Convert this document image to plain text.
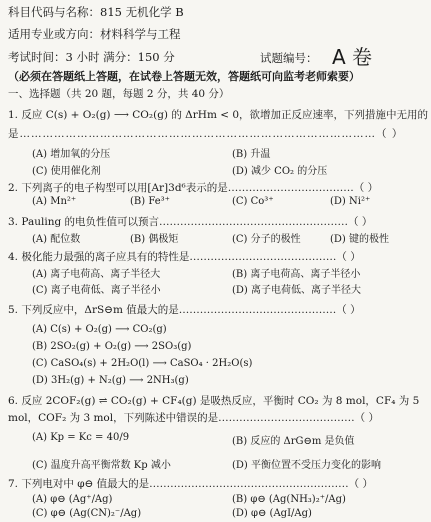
科目代码与名称：815 无机化学 B
适用专业或方向：材料科学与工程
考试时间：3 小时 满分：150 分	试题编号： A 卷
（必须在答题纸上答题，在试卷上答题无效，答题纸可向监考老师索要）
一、选择题（共 20 题，每题 2 分，共 40 分）
1. 反应 C(s) + O₂(g) ⟶ CO₂(g) 的 ΔrHm < 0，欲增加正反应速率，下列措施中无用的
是…………………………………………………………………………………（ ）
(A) 增加氧的分压	(B) 升温
(C) 使用催化剂	(D) 减少 CO₂ 的分压
2. 下列离子的电子构型可以用[Ar]3d⁶表示的是………………………………（ ）
(A) Mn²⁺	(B) Fe³⁺	(C) Co³⁺	(D) Ni²⁺
3. Pauling 的电负性值可以预言………………………………………………（ ）
(A) 配位数	(B) 偶极矩	(C) 分子的极性	(D) 键的极性
4. 极化能力最强的离子应具有的特性是……………………………………（ ）
(A) 离子电荷高、离子半径大	(B) 离子电荷高、离子半径小
(C) 离子电荷低、离子半径小	(D) 离子电荷低、离子半径大
5. 下列反应中，ΔrS⊖m 值最大的是………………………………………（ ）
(A) C(s) + O₂(g) ⟶ CO₂(g)
(B) 2SO₂(g) + O₂(g) ⟶ 2SO₃(g)
(C) CaSO₄(s) + 2H₂O(l) ⟶ CaSO₄ · 2H₂O(s)
(D) 3H₂(g) + N₂(g) ⟶ 2NH₃(g)
6. 反应 2COF₂(g) ⇌ CO₂(g) + CF₄(g) 是吸热反应，平衡时 CO₂ 为 8 mol，CF₄ 为 5
mol，COF₂ 为 3 mol，下列陈述中错误的是…………………………………（ ）
(A) Kp = Kc = 40/9	(B) 反应的 ΔrG⊖m 是负值
(C) 温度升高平衡常数 Kp 减小	(D) 平衡位置不受压力变化的影响
7. 下列电对中 φ⊖ 值最大的是…………………………………………………（ ）
(A) φ⊖ (Ag⁺/Ag)	(B) φ⊖ (Ag(NH₃)₂⁺/Ag)
(C) φ⊖ (Ag(CN)₂⁻/Ag)	(D) φ⊖ (AgI/Ag)
